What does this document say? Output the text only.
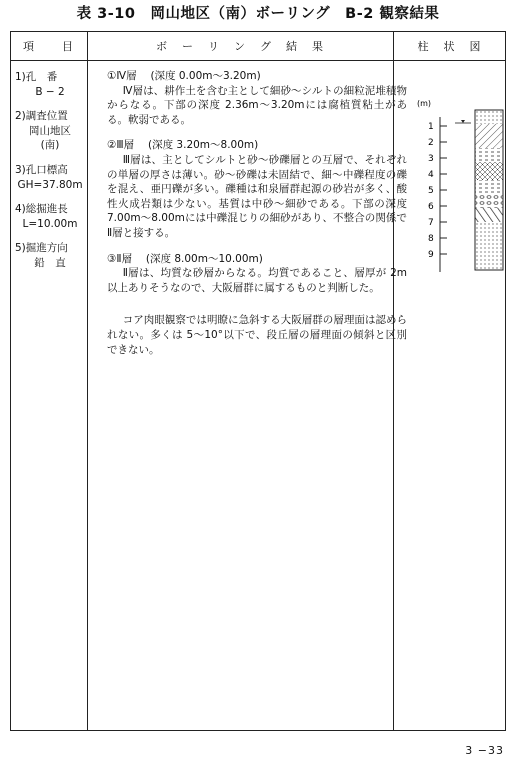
表 3-10　岡山地区（南）ボーリング　B-2 観察結果
項　　目	ボ　ー　リ　ン　グ　結　果	柱　状　図
1)孔　番
B − 2
2)調査位置
岡山地区
(南)
3)孔口標高
GH=37.80m
4)総掘進長
L=10.00m
5)掘進方向
鉛　直

①Ⅳ層　 (深度 0.00m〜3.20m)

Ⅳ層は、耕作土を含む主として細砂〜シルトの細粒泥堆積物からなる。下部の深度 2.36m〜3.20mには腐植質粘土がある。軟弱である。

②Ⅲ層　 (深度 3.20m〜8.00m)

Ⅲ層は、主としてシルトと砂〜砂礫層との互層で、それぞれの単層の厚さは薄い。砂〜砂礫は未固結で、細〜中礫程度の礫を混え、亜円礫が多い。礫種は和泉層群起源の砂岩が多く、酸性火成岩類は少ない。基質は中砂〜細砂である。下部の深度 7.00m〜8.00mには中礫混じりの細砂があり、不整合の関係でⅡ層と接する。

③Ⅱ層　 (深度 8.00m〜10.00m)

Ⅱ層は、均質な砂層からなる。均質であること、層厚が 2m以上ありそうなので、大阪層群に属するものと判断した。

コア肉眼観察では明瞭に急斜する大阪層群の層理面は認められない。多くは 5〜10°以下で、段丘層の層理面の傾斜と区別できない。

(m)
1
2
3
4
5
6
7
8
9
3 −33
